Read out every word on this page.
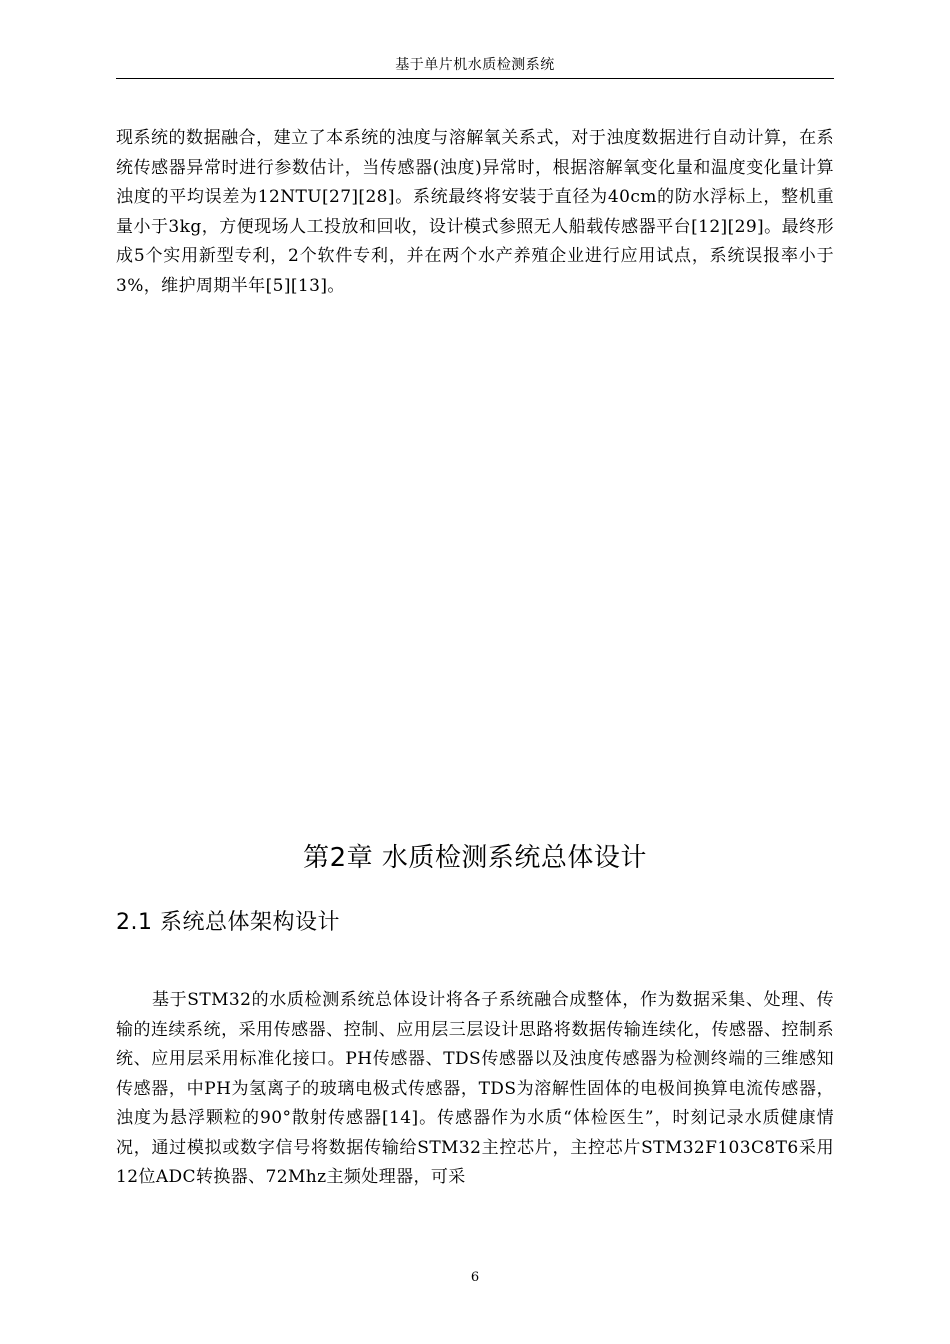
基于单片机水质检测系统

现系统的数据融合，建立了本系统的浊度与溶解氧关系式，对于浊度数据进行自动计算，在系统传感器异常时进行参数估计，当传感器(浊度)异常时，根据溶解氧变化量和温度变化量计算浊度的平均误差为12NTU[27][28]。系统最终将安装于直径为40cm的防水浮标上，整机重量小于3kg，方便现场人工投放和回收，设计模式参照无人船载传感器平台[12][29]。最终形成5个实用新型专利，2个软件专利，并在两个水产养殖企业进行应用试点，系统误报率小于3%，维护周期半年[5][13]。

第2章 水质检测系统总体设计
2.1 系统总体架构设计

基于STM32的水质检测系统总体设计将各子系统融合成整体，作为数据采集、处理、传输的连续系统，采用传感器、控制、应用层三层设计思路将数据传输连续化，传感器、控制系统、应用层采用标准化接口。PH传感器、TDS传感器以及浊度传感器为检测终端的三维感知传感器，中PH为氢离子的玻璃电极式传感器，TDS为溶解性固体的电极间换算电流传感器，浊度为悬浮颗粒的90°散射传感器[14]。传感器作为水质“体检医生”，时刻记录水质健康情况，通过模拟或数字信号将数据传输给STM32主控芯片，主控芯片STM32F103C8T6采用12位ADC转换器、72Mhz主频处理器，可采

6
